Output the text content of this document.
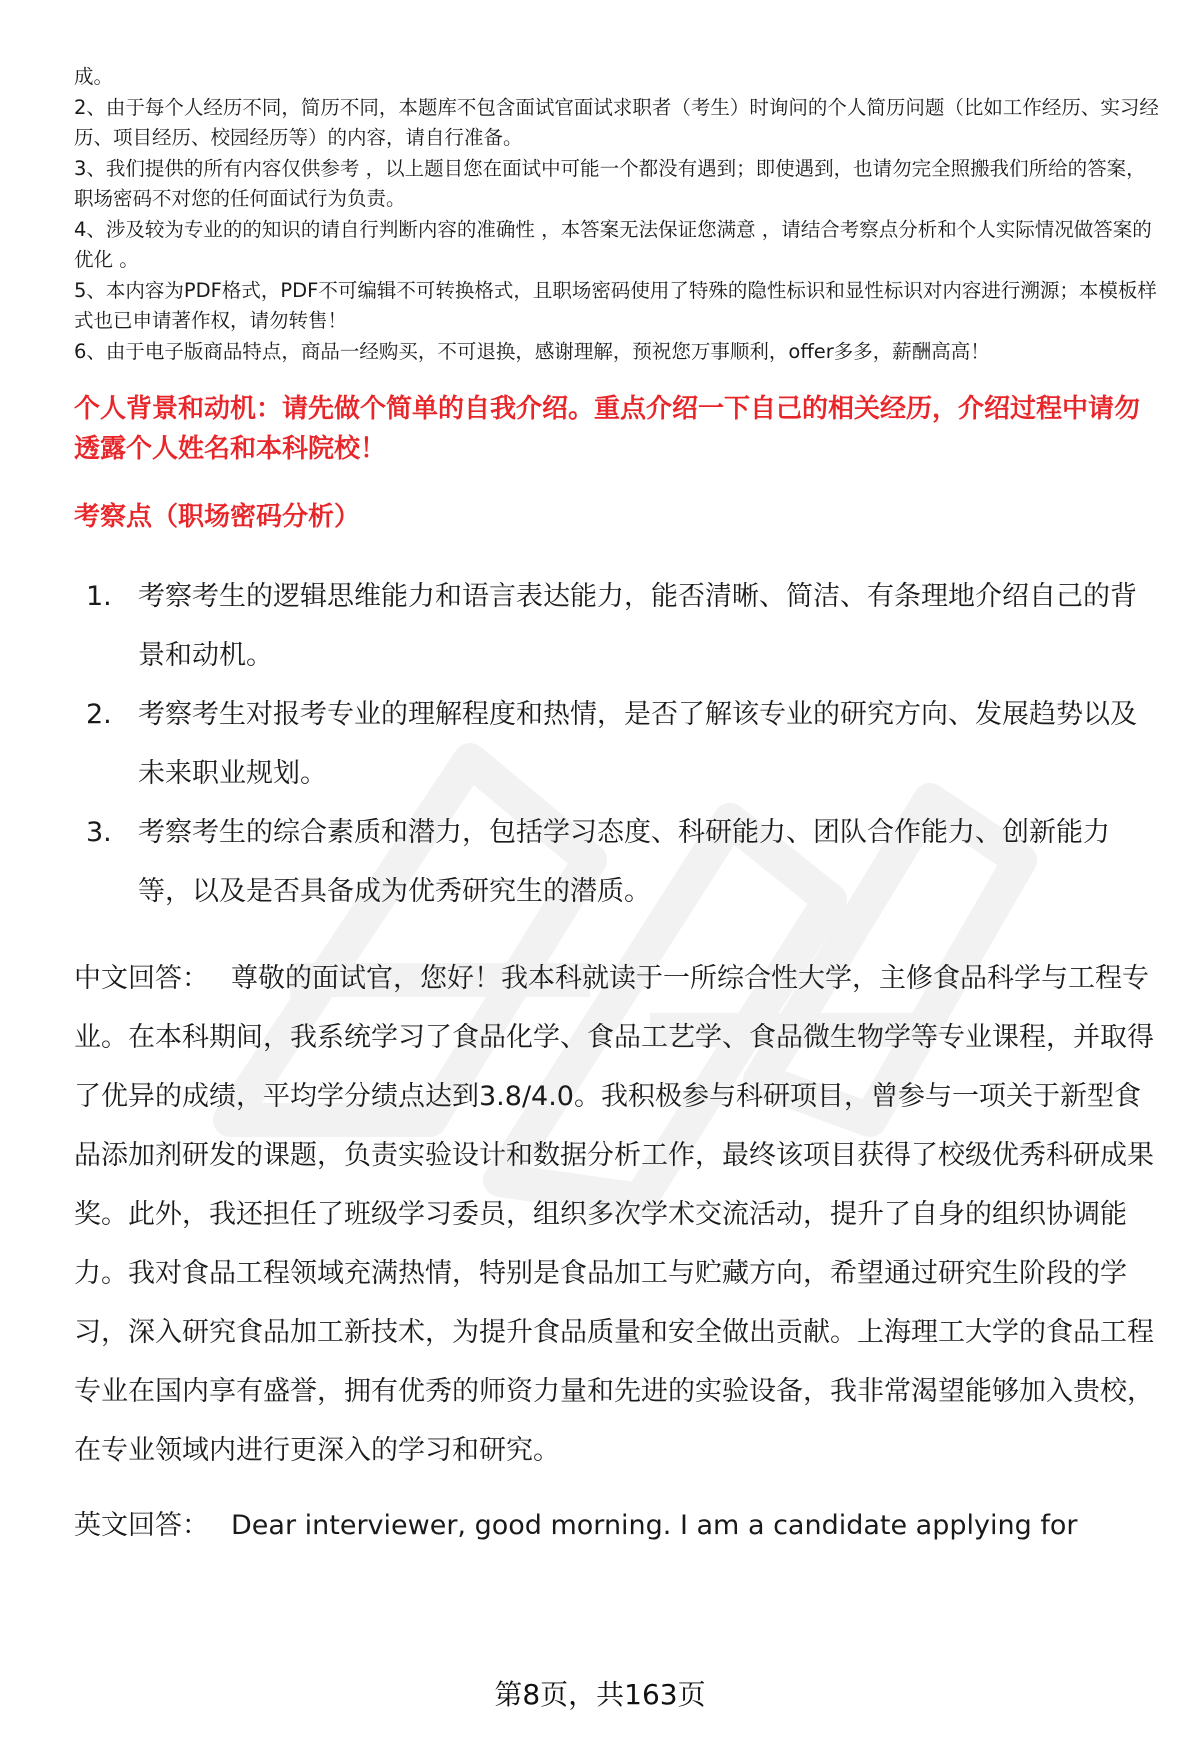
成。

2、由于每个人经历不同，简历不同，本题库不包含面试官面试求职者（考生）时询问的个人简历问题（比如工作经历、实习经历、项目经历、校园经历等）的内容，请自行准备。

3、我们提供的所有内容仅供参考 ，以上题目您在面试中可能一个都没有遇到；即使遇到，也请勿完全照搬我们所给的答案，职场密码不对您的任何面试行为负责。

4、涉及较为专业的的知识的请自行判断内容的准确性 ，本答案无法保证您满意 ，请结合考察点分析和个人实际情况做答案的优化 。

5、本内容为PDF格式，PDF不可编辑不可转换格式，且职场密码使用了特殊的隐性标识和显性标识对内容进行溯源；本模板样式也已申请著作权，请勿转售！

6、由于电子版商品特点，商品一经购买，不可退换，感谢理解，预祝您万事顺利，offer多多，薪酬高高！

个人背景和动机：请先做个简单的自我介绍。重点介绍一下自己的相关经历，介绍过程中请勿透露个人姓名和本科院校！
考察点（职场密码分析）
1. 考察考生的逻辑思维能力和语言表达能力，能否清晰、简洁、有条理地介绍自己的背景和动机。
2. 考察考生对报考专业的理解程度和热情，是否了解该专业的研究方向、发展趋势以及未来职业规划。
3. 考察考生的综合素质和潜力，包括学习态度、科研能力、团队合作能力、创新能力等，以及是否具备成为优秀研究生的潜质。

中文回答： 尊敬的面试官，您好！我本科就读于一所综合性大学，主修食品科学与工程专业。在本科期间，我系统学习了食品化学、食品工艺学、食品微生物学等专业课程，并取得了优异的成绩，平均学分绩点达到3.8/4.0。我积极参与科研项目，曾参与一项关于新型食品添加剂研发的课题，负责实验设计和数据分析工作，最终该项目获得了校级优秀科研成果奖。此外，我还担任了班级学习委员，组织多次学术交流活动，提升了自身的组织协调能力。我对食品工程领域充满热情，特别是食品加工与贮藏方向，希望通过研究生阶段的学习，深入研究食品加工新技术，为提升食品质量和安全做出贡献。上海理工大学的食品工程专业在国内享有盛誉，拥有优秀的师资力量和先进的实验设备，我非常渴望能够加入贵校，在专业领域内进行更深入的学习和研究。

英文回答： Dear interviewer, good morning. I am a candidate applying for

第8页，共163页
